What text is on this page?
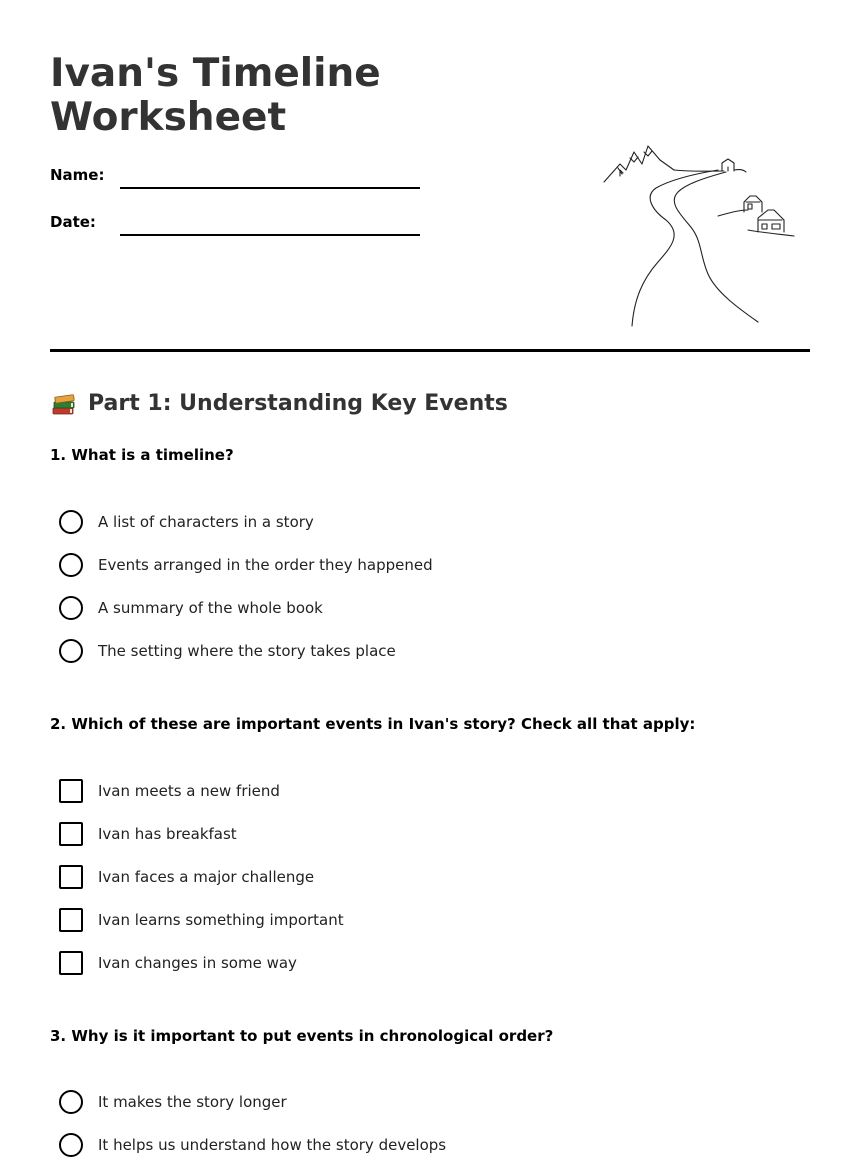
Ivan's Timeline
Worksheet
Name:
Date:
Part 1: Understanding Key Events
1. What is a timeline?
A list of characters in a story
Events arranged in the order they happened
A summary of the whole book
The setting where the story takes place
2. Which of these are important events in Ivan's story? Check all that apply:
Ivan meets a new friend
Ivan has breakfast
Ivan faces a major challenge
Ivan learns something important
Ivan changes in some way
3. Why is it important to put events in chronological order?
It makes the story longer
It helps us understand how the story develops
